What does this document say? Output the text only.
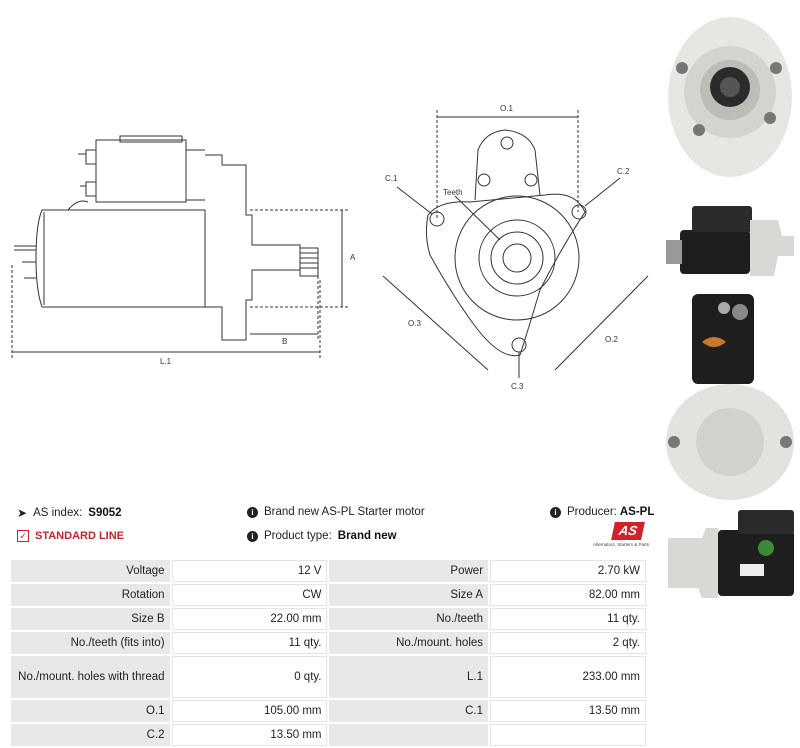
A
B
L.1
O.1
C.1
C.2
Teeth
O.3
O.2
C.3
➤ AS index: S9052	i Brand new AS-PL Starter motor	i Producer: AS-PL
✓ STANDARD LINE	i Product type: Brand new	AS
Alternators, Starters & Parts
Voltage	12 V	Power	2.70 kW
Rotation	CW	Size A	82.00 mm
Size B	22.00 mm	No./teeth	11 qty.
No./teeth (fits into)	11 qty.	No./mount. holes	2 qty.
No./mount. holes with thread	0 qty.	L.1	233.00 mm
O.1	105.00 mm	C.1	13.50 mm
C.2	13.50 mm		
